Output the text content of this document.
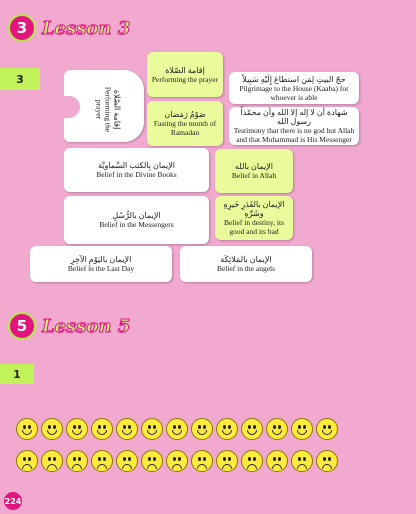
3 Lesson 3
3
إقامة الصّلاة
Performing the prayer
إقامة الصّلاة
Performing the prayer	حجّ البيتِ لِمَن استطاعَ إِلَيْهِ سَبِيلاً
Pilgrimage to the House (Kaaba) for whoever is able
صَوْمُ رَمَضان
Fasting the month of Ramadan
شهادة أن لا إله إلا الله وأن محمّداً رسول الله
Testimony that there is no god but Allah and that Muhammad is His Messenger
الإيمان بِالكتب السَّماويَّة
Belief in the Divine Books
الإيمان بالله
Belief in Allah
الإيمان بالرُّسُلِ
Belief in the Messengers
الإيمان بالقَدَرِ خَيرِهِ وشَرِّهِ
Belief in destiny, its good and its bad
الإيمان باليَوْمِ الآخِرِ
Belief in the Last Day
الإيمان بالمَلائِكَة
Belief in the angels
5 Lesson 5
1
224
